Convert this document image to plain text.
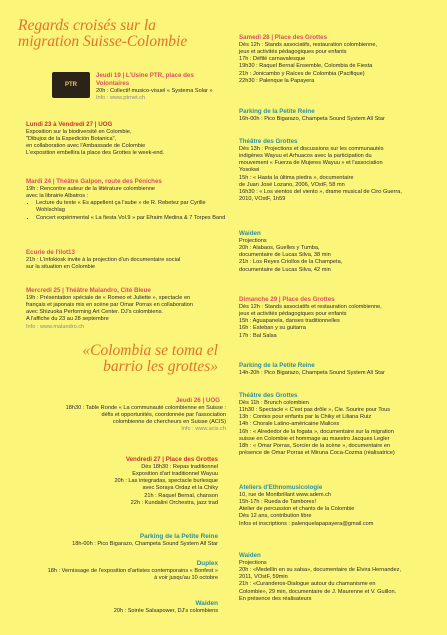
Regards croisés sur la migration Suisse-Colombie
PTR
Jeudi 19 | L'Usine PTR, place des Volontaires
20h : Collectif musico-visuel « Systema Solar »
Info : www.ptrnet.ch
Lundi 23 à Vendredi 27 | UOG
Exposition sur la biodiversité en Colombie,
"Dibujos de la Expedición Botanica",
en collaboration avec l'Ambassade de Colombie
L'exposition embellira la place des Grottes le week-end.
Mardi 24 | Théâtre Galpon, route des Péniches
19h : Rencontre auteur de la littérature colombienne
avec la librairie Albatros :
• Lecture du texte « Es appellent ça l'aube » de R. Rebetez par Cyrille Wohlschlag
• Concert expérimental « La fiesta Vol.9 » par Efraim Medina & 7 Torpes Band
Ecurie de l'ilot13
21h : L'infokiosk invite à la projection d'un documentaire social
sur la situation en Colombie
Mercredi 25 | Théâtre Malandro, Cité Bleue
19h : Présentation spéciale de « Romeo et Juliette », spectacle en
français et japonais mis en scène par Omar Porras en collaboration
avec Shizuoka Performing Art Center. DJ's colombiens.
A l'affiche du 23 au 28 septembre
Info : www.malandro.ch
«Colombia se toma el barrio les grottes»
Jeudi 26 | UOG
18h30 : Table Ronde « La communauté colombienne en Suisse :
défis et opportunités, coordonnée par l'association
colombienne de chercheurs en Suisse (ACIS)
Info : www.acis.ch
Vendredi 27 | Place des Grottes
Dès 18h30 : Repas traditionnel
Exposition d'art traditionnel Wayuu
20h : Las integradas, spectacle burlesque
avec Soraya Ordaz et la Chiky
21h : Raquel Bernal, chanson
22h : Kundalini Orchestra, jazz trad
Parking de la Petite Reine
18h-00h : Pico Bigarazo, Champeta Sound System All Star
Duplex
18h : Vernissage de l'exposition d'artistes contemporains « Bonfest »
à voir jusqu'au 10 octobre
Waiden
20h : Soirée Salsapower, DJ's colombiens
Samedi 28 | Place des Grottes
Dès 12h : Stands associatifs, restauration colombienne,
jeux et activités pédagogiques pour enfants
17h : Défilé carnavalesque
19h30 : Raquel Bernal Ensemble, Colombia de Fiesta
21h : Jonicambo y Raíces de Colombia (Pacifique)
22h30 : Palenque la Papayera
Parking de la Petite Reine
16h-00h : Pico Bigarazo, Champeta Sound System All Star
Théâtre des Grottes
Dès 13h : Projections et discussions sur les communautés
indigènes Wayuu et Arhuacos avec la participation du
mouvement « Fuerza de Mujeres Wayuu » et l'association
Yosokwi
15h : « Hasta la última piedra », documentaire
de Juan José Lozano, 2006, VOstF, 58 mn
16h30 : « Los vientos del viento », drame musical de Ciro Guerra,
2010, VOstF, 1h59
Waiden
Projections
20h : Alabaos, Guelles y Tumba,
documentaire de Lucas Silva, 38 min
21h : Los Reyes Criollos de la Champeta,
documentaire de Lucas Silva, 42 min
Dimanche 29 | Place des Grottes
Dès 12h : Stands associatifs et restauration colombienne,
jeux et activités pédagogiques pour enfants
15h : Aguapanela, danses traditionnelles
16h : Esteban y su guitarra
17h : Bal Salsa
Parking de la Petite Reine
14h-20h : Pico Bigarazo, Champeta Sound System All Star
Théâtre des Grottes
Dès 11h : Brunch colombien
11h30 : Spectacle « C'est pas drôle », Cie. Sourire pour Tous
13h : Contes pour enfants par la Chiky et Liliana Ruiz
14h : Chorale Latino-américaine Malices
16h : « Alrededor de la fogata », documentaire sur la migration
suisse en Colombie et hommage au maestro Jacques Legler
18h : « Omar Porras, Sorcier de la scène », documentaire en
présence de Omar Porras et Miruna Coca-Cozma (réalisatrice)
Ateliers d'Ethnomusicologie
10, rue de Montbrillant www.adem.ch
15h-17h : Rueda de Tambores!
Atelier de percussion et chants de la Colombie
Dès 12 ans, contribution libre
Infos et inscriptions : palenquelapapayera@gmail.com
Waiden
Projections
20h : «Medellín en su salsa», documentaire de Elvira Hernandez,
2011, VOstF, 59min
21h : «Curanderos-Dialogue autour du chamanisme en
Colombie», 29 min, documentaire de J. Maurenne et V. Guillon.
En présence des réalisateurs
